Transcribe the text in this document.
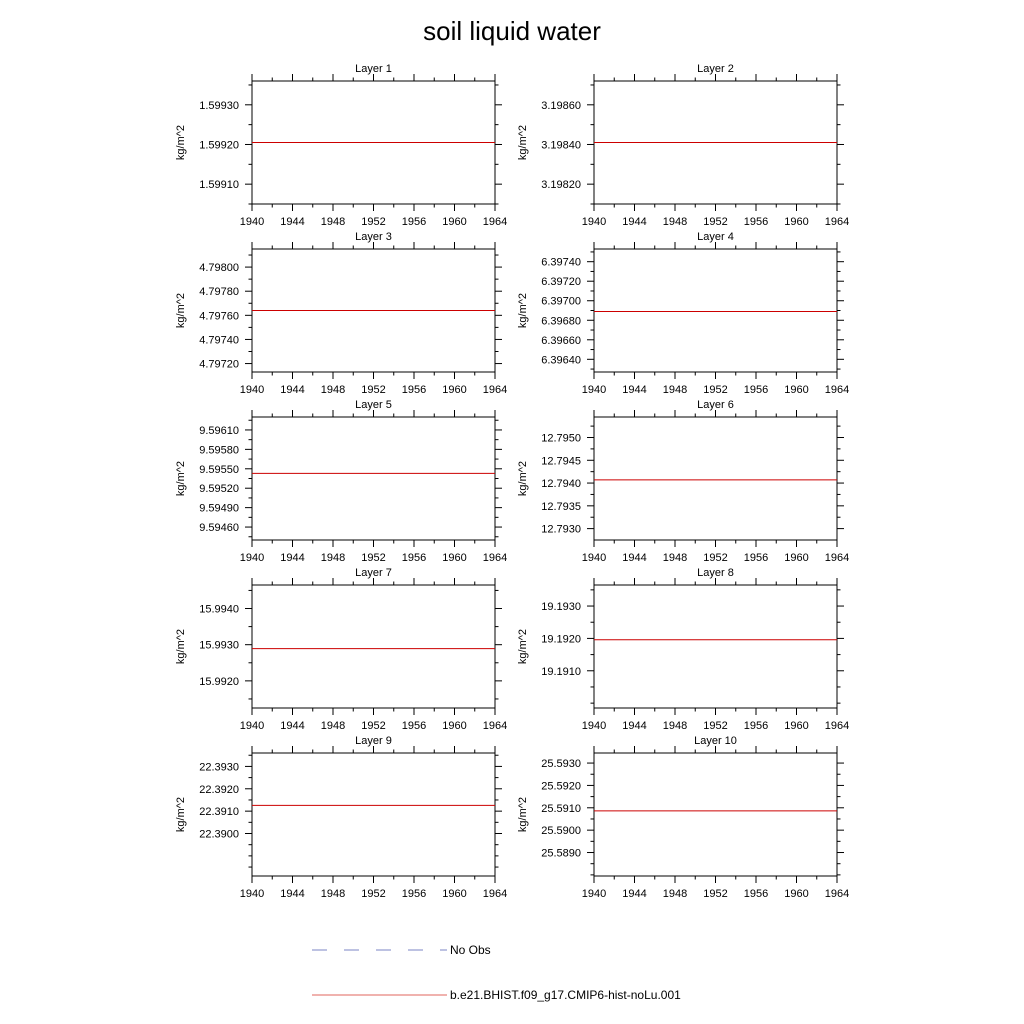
soil liquid water
Layer 1
1940 1944 1948 1952 1956 1960 1964
1.59930
1.59920
1.59910
kg/m^2
Layer 2
1940 1944 1948 1952 1956 1960 1964
3.19860
3.19840
3.19820
kg/m^2
Layer 3
1940 1944 1948 1952 1956 1960 1964
4.79800
4.79780
4.79760
4.79740
4.79720
kg/m^2
Layer 4
1940 1944 1948 1952 1956 1960 1964
6.39740
6.39720
6.39700
6.39680
6.39660
6.39640
kg/m^2
Layer 5
1940 1944 1948 1952 1956 1960 1964
9.59610
9.59580
9.59550
9.59520
9.59490
9.59460
kg/m^2
Layer 6
1940 1944 1948 1952 1956 1960 1964
12.7950
12.7945
12.7940
12.7935
12.7930
kg/m^2
Layer 7
1940 1944 1948 1952 1956 1960 1964
15.9940
15.9930
15.9920
kg/m^2
Layer 8
1940 1944 1948 1952 1956 1960 1964
19.1930
19.1920
19.1910
kg/m^2
Layer 9
1940 1944 1948 1952 1956 1960 1964
22.3930
22.3920
22.3910
22.3900
kg/m^2
Layer 10
1940 1944 1948 1952 1956 1960 1964
25.5930
25.5920
25.5910
25.5900
25.5890
kg/m^2
No Obs
b.e21.BHIST.f09_g17.CMIP6-hist-noLu.001
